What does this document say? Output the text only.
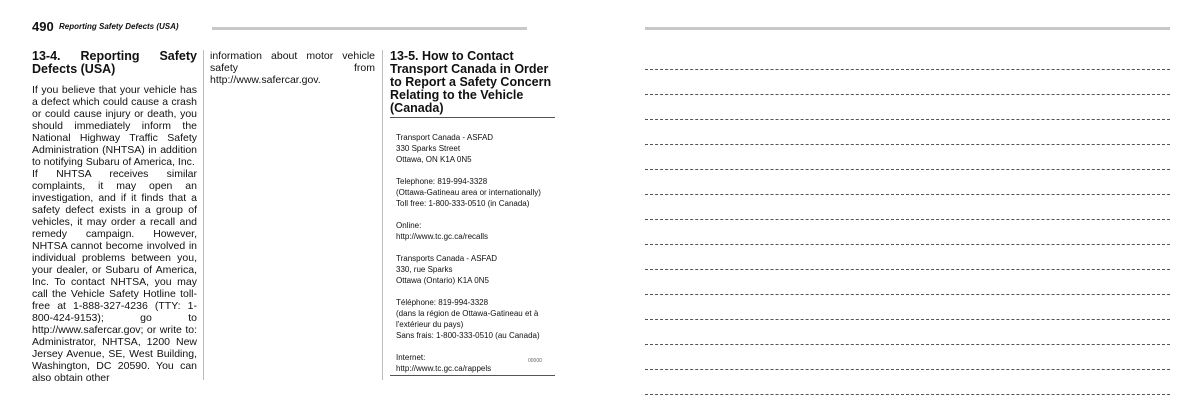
490 Reporting Safety Defects (USA)
13-4. Reporting Safety Defects (USA)

If you believe that your vehicle has a defect which could cause a crash or could cause injury or death, you should immediately inform the National Highway Traffic Safety Administration (NHTSA) in addition to notifying Subaru of America, Inc.

If NHTSA receives similar complaints, it may open an investigation, and if it finds that a safety defect exists in a group of vehicles, it may order a recall and remedy campaign. However, NHTSA cannot become involved in individual problems between you, your dealer, or Subaru of America, Inc. To contact NHTSA, you may call the Vehicle Safety Hotline toll-free at 1-888-327-4236 (TTY: 1-800-424-9153); go to http://www.safercar.gov; or write to: Administrator, NHTSA, 1200 New Jersey Avenue, SE, West Building, Washington, DC 20590. You can also obtain other

information about motor vehicle safety from http://www.safercar.gov.

13-5. How to Contact Transport Canada in Order to Report a Safety Concern Relating to the Vehicle (Canada)
Transport Canada - ASFAD
330 Sparks Street
Ottawa, ON K1A 0N5
Telephone: 819-994-3328
(Ottawa-Gatineau area or internationally)
Toll free: 1-800-333-0510 (in Canada)
Online:
http://www.tc.gc.ca/recalls
Transports Canada - ASFAD
330, rue Sparks
Ottawa (Ontario) K1A 0N5
Téléphone: 819-994-3328
(dans la région de Ottawa-Gatineau et à
l'extérieur du pays)
Sans frais: 1-800-333-0510 (au Canada)
Internet:
http://www.tc.gc.ca/rappels
00000
